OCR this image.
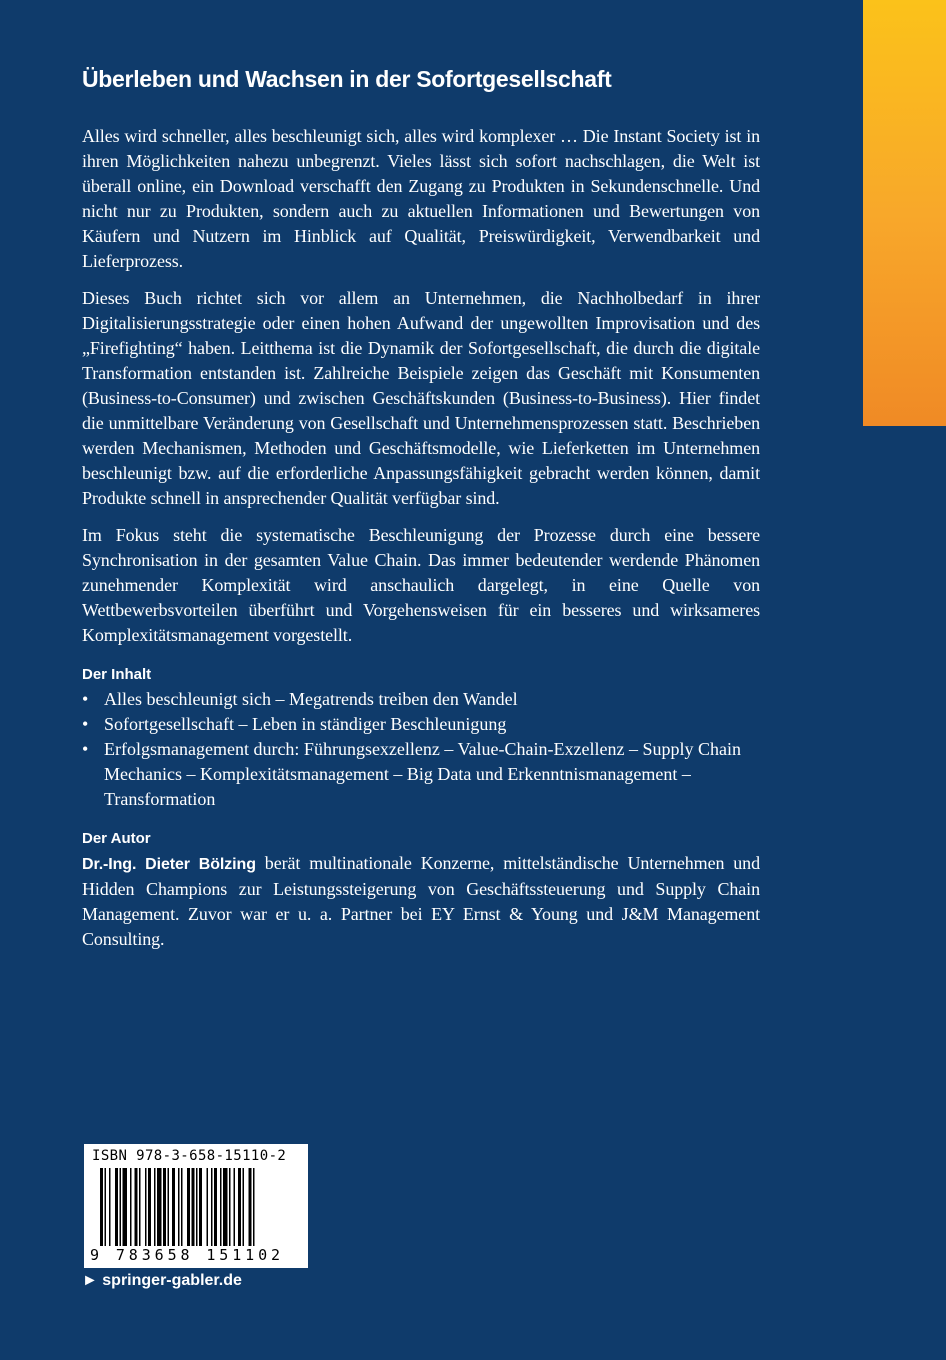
Überleben und Wachsen in der Sofortgesellschaft

Alles wird schneller, alles beschleunigt sich, alles wird komplexer … Die Instant Society ist in ihren Möglichkeiten nahezu unbegrenzt. Vieles lässt sich sofort nachschlagen, die Welt ist überall online, ein Download verschafft den Zugang zu Produkten in Sekundenschnelle. Und nicht nur zu Produkten, sondern auch zu aktuellen Informationen und Bewertungen von Käufern und Nutzern im Hinblick auf Qualität, Preiswürdigkeit, Verwendbarkeit und Lieferprozess.

Dieses Buch richtet sich vor allem an Unternehmen, die Nachholbedarf in ihrer Digitalisierungsstrategie oder einen hohen Aufwand der ungewollten Improvisation und des „Firefighting“ haben. Leitthema ist die Dynamik der Sofortgesellschaft, die durch die digitale Transformation entstanden ist. Zahlreiche Beispiele zeigen das Geschäft mit Konsumenten (Business-to-Consumer) und zwischen Geschäftskunden (Business-to-Business). Hier findet die unmittelbare Veränderung von Gesellschaft und Unternehmensprozessen statt. Beschrieben werden Mechanismen, Methoden und Geschäftsmodelle, wie Lieferketten im Unternehmen beschleunigt bzw. auf die erforderliche Anpassungsfähigkeit gebracht werden können, damit Produkte schnell in ansprechender Qualität verfügbar sind.

Im Fokus steht die systematische Beschleunigung der Prozesse durch eine bessere Synchronisation in der gesamten Value Chain. Das immer bedeutender werdende Phänomen zunehmender Komplexität wird anschaulich dargelegt, in eine Quelle von Wettbewerbsvorteilen überführt und Vorgehensweisen für ein besseres und wirksameres Komplexitätsmanagement vorgestellt.

Der Inhalt
• Alles beschleunigt sich – Megatrends treiben den Wandel
• Sofortgesellschaft – Leben in ständiger Beschleunigung
• Erfolgsmanagement durch: Führungsexzellenz – Value-Chain-Exzellenz – Supply Chain Mechanics – Komplexitätsmanagement – Big Data und Erkenntnismanagement – Transformation
Der Autor

Dr.-Ing. Dieter Bölzing berät multinationale Konzerne, mittelständische Unternehmen und Hidden Champions zur Leistungssteigerung von Geschäftssteuerung und Supply Chain Management. Zuvor war er u. a. Partner bei EY Ernst & Young und J&M Management Consulting.

ISBN 978-3-658-15110-2
9 783658 151102
► springer-gabler.de
